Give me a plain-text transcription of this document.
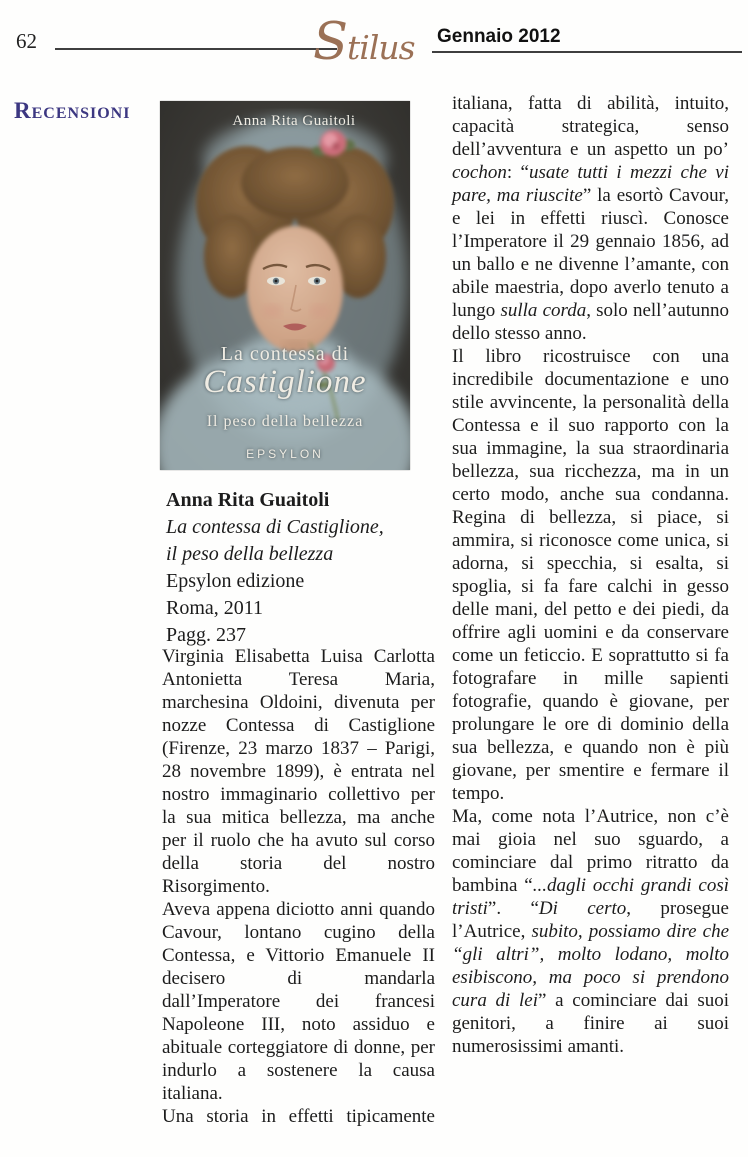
62	Stilus Gennaio 2012
Recensioni	Anna Rita Guaitoli
La contessa di
Castiglione
Il peso della bellezza
EPSYLON
Anna Rita Guaitoli
La contessa di Castiglione,
il peso della bellezza
Epsylon edizione
Roma, 2011
Pagg. 237

Virginia Elisabetta Luisa Carlotta Antonietta Teresa Maria, marchesina Oldoini, divenuta per nozze Contessa di Castiglione (Firenze, 23 marzo 1837 – Parigi, 28 novembre 1899), è entrata nel nostro immaginario collettivo per la sua mitica bellezza, ma anche per il ruolo che ha avuto sul corso della storia del nostro Risorgimento.

Aveva appena diciotto anni quando Cavour, lontano cugino della Contessa, e Vittorio Emanuele II decisero di mandarla dall’Imperatore dei francesi Napoleone III, noto assiduo e abituale corteggiatore di donne, per indurlo a sostenere la causa italiana.

Una storia in effetti tipicamente

italiana, fatta di abilità, intuito, capacità strategica, senso dell’avventura e un aspetto un po’ cochon: “usate tutti i mezzi che vi pare, ma riuscite” la esortò Cavour, e lei in effetti riuscì. Conosce l’Imperatore il 29 gennaio 1856, ad un ballo e ne divenne l’amante, con abile maestria, dopo averlo tenuto a lungo sulla corda, solo nell’autunno dello stesso anno.

Il libro ricostruisce con una incredibile documentazione e uno stile avvincente, la personalità della Contessa e il suo rapporto con la sua immagine, la sua straordinaria bellezza, sua ricchezza, ma in un certo modo, anche sua condanna. Regina di bellezza, si piace, si ammira, si riconosce come unica, si adorna, si specchia, si esalta, si spoglia, si fa fare calchi in gesso delle mani, del petto e dei piedi, da offrire agli uomini e da conservare come un feticcio. E soprattutto si fa fotografare in mille sapienti fotografie, quando è giovane, per prolungare le ore di dominio della sua bellezza, e quando non è più giovane, per smentire e fermare il tempo.

Ma, come nota l’Autrice, non c’è mai gioia nel suo sguardo, a cominciare dal primo ritratto da bambina “...dagli occhi grandi così tristi”. “Di certo, prosegue l’Autrice, subito, possiamo dire che “gli altri”, molto lodano, molto esibiscono, ma poco si prendono cura di lei” a cominciare dai suoi genitori, a finire ai suoi numerosissimi amanti.
